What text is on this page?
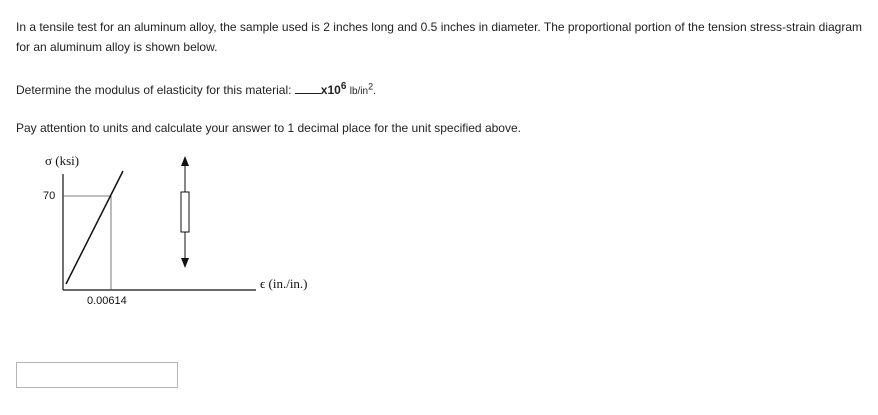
In a tensile test for an aluminum alloy, the sample used is 2 inches long and 0.5 inches in diameter. The proportional portion of the tension stress-strain diagram for an aluminum alloy is shown below.

Determine the modulus of elasticity for this material: $x10^6$ $lb/in^2$.

Pay attention to units and calculate your answer to 1 decimal place for the unit specified above.

σ (ksi)
70
0.00614
ϵ (in./in.)
